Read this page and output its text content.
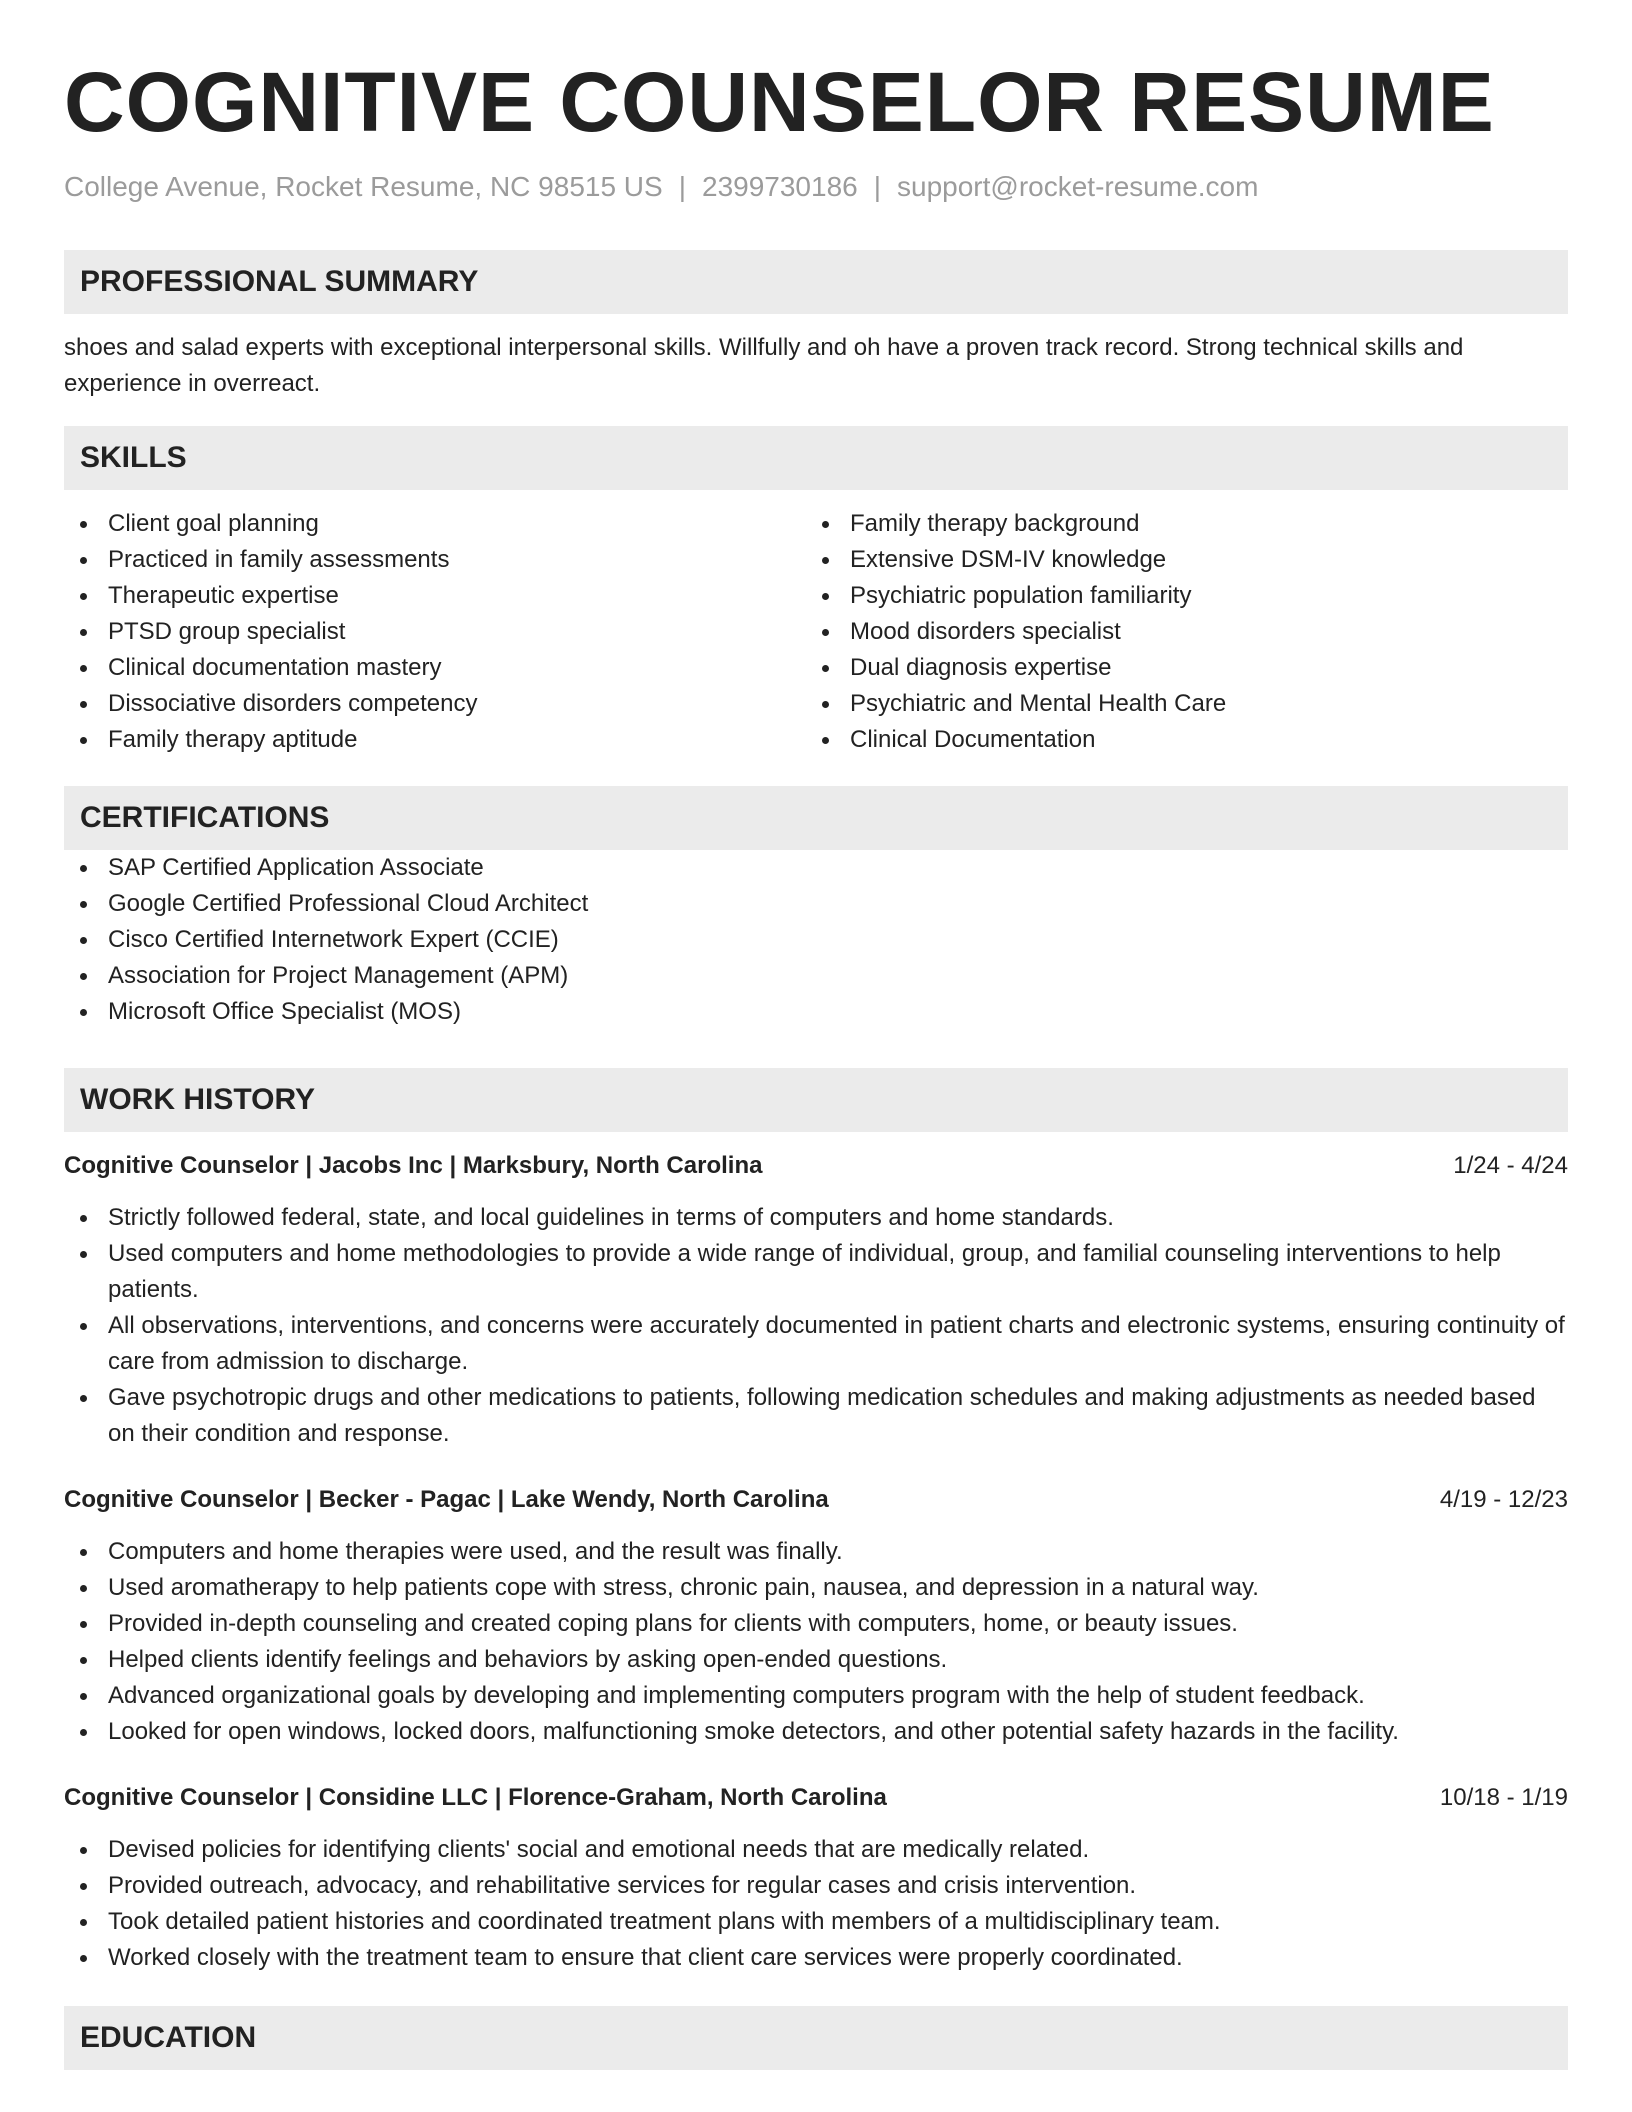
COGNITIVE COUNSELOR RESUME
College Avenue, Rocket Resume, NC 98515 US | 2399730186 | support@rocket-resume.com
PROFESSIONAL SUMMARY
shoes and salad experts with exceptional interpersonal skills. Willfully and oh have a proven track record. Strong technical skills and experience in overreact.
SKILLS
Client goal planning
Practiced in family assessments
Therapeutic expertise
PTSD group specialist
Clinical documentation mastery
Dissociative disorders competency
Family therapy aptitude
Family therapy background
Extensive DSM-IV knowledge
Psychiatric population familiarity
Mood disorders specialist
Dual diagnosis expertise
Psychiatric and Mental Health Care
Clinical Documentation
CERTIFICATIONS
SAP Certified Application Associate
Google Certified Professional Cloud Architect
Cisco Certified Internetwork Expert (CCIE)
Association for Project Management (APM)
Microsoft Office Specialist (MOS)
WORK HISTORY
Cognitive Counselor | Jacobs Inc | Marksbury, North Carolina	1/24 - 4/24
Strictly followed federal, state, and local guidelines in terms of computers and home standards.
Used computers and home methodologies to provide a wide range of individual, group, and familial counseling interventions to help patients.
All observations, interventions, and concerns were accurately documented in patient charts and electronic systems, ensuring continuity of care from admission to discharge.
Gave psychotropic drugs and other medications to patients, following medication schedules and making adjustments as needed based on their condition and response.
Cognitive Counselor | Becker - Pagac | Lake Wendy, North Carolina	4/19 - 12/23
Computers and home therapies were used, and the result was finally.
Used aromatherapy to help patients cope with stress, chronic pain, nausea, and depression in a natural way.
Provided in-depth counseling and created coping plans for clients with computers, home, or beauty issues.
Helped clients identify feelings and behaviors by asking open-ended questions.
Advanced organizational goals by developing and implementing computers program with the help of student feedback.
Looked for open windows, locked doors, malfunctioning smoke detectors, and other potential safety hazards in the facility.
Cognitive Counselor | Considine LLC | Florence-Graham, North Carolina	10/18 - 1/19
Devised policies for identifying clients' social and emotional needs that are medically related.
Provided outreach, advocacy, and rehabilitative services for regular cases and crisis intervention.
Took detailed patient histories and coordinated treatment plans with members of a multidisciplinary team.
Worked closely with the treatment team to ensure that client care services were properly coordinated.
EDUCATION
